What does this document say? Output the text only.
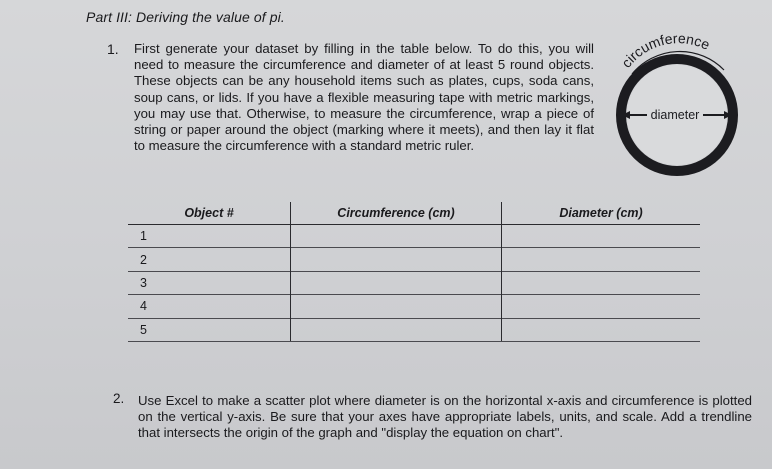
Part III: Deriving the value of pi.
1. First generate your dataset by filling in the table below. To do this, you will need to measure the circumference and diameter of at least 5 round objects. These objects can be any household items such as plates, cups, soda cans, soup cans, or lids. If you have a flexible measuring tape with metric markings, you may use that. Otherwise, to measure the circumference, wrap a piece of string or paper around the object (marking where it meets), and then lay it flat to measure the circumference with a standard metric ruler.
circumference
diameter
Object #	Circumference (cm)	Diameter (cm)
1		
2		
3		
4		
5		
2. Use Excel to make a scatter plot where diameter is on the horizontal x-axis and circumference is plotted on the vertical y-axis. Be sure that your axes have appropriate labels, units, and scale. Add a trendline that intersects the origin of the graph and "display the equation on chart".
